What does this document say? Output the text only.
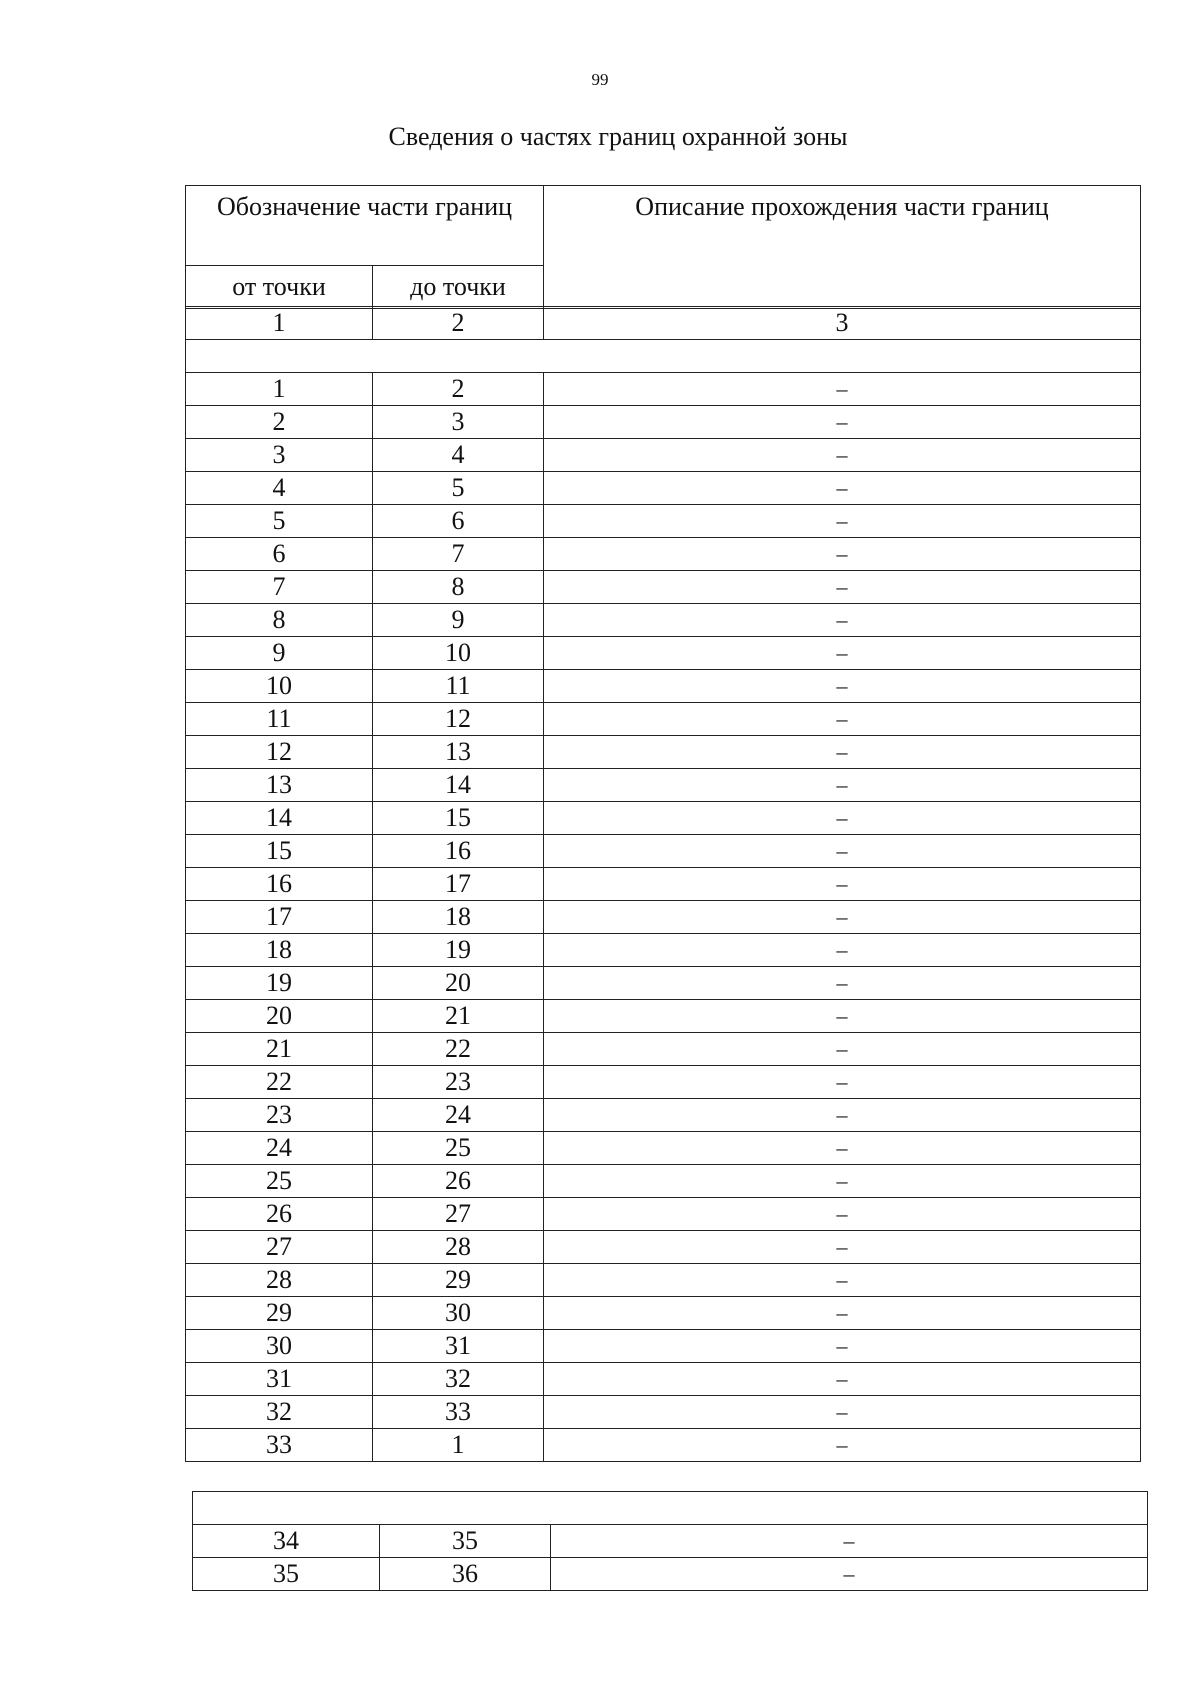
99
Сведения о частях границ охранной зоны
Обозначение части границ		Описание прохождения части границ
от точки	до точки	
1	2	3

1	2	–
2	3	–
3	4	–
4	5	–
5	6	–
6	7	–
7	8	–
8	9	–
9	10	–
10	11	–
11	12	–
12	13	–
13	14	–
14	15	–
15	16	–
16	17	–
17	18	–
18	19	–
19	20	–
20	21	–
21	22	–
22	23	–
23	24	–
24	25	–
25	26	–
26	27	–
27	28	–
28	29	–
29	30	–
30	31	–
31	32	–
32	33	–
33	1	–

34	35	–
35	36	–
